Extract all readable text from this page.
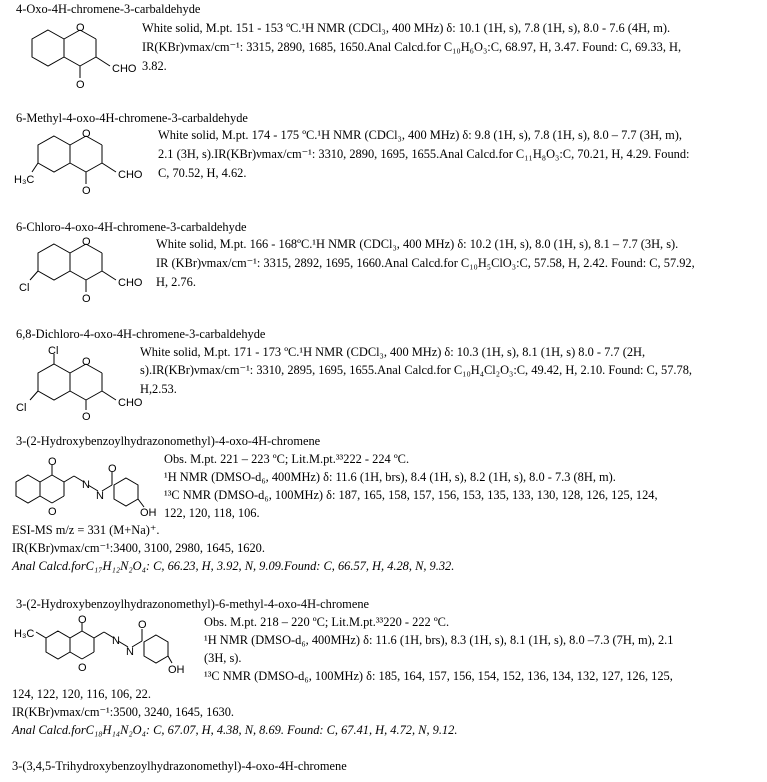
4-Oxo-4H-chromene-3-carbaldehyde
O
O
CHO
White solid, M.pt. 151 - 153 ºC.¹H NMR (CDCl₃, 400 MHz) δ: 10.1 (1H, s), 7.8 (1H, s), 8.0 - 7.6 (4H, m).
IR(KBr)νmax/cm⁻¹: 3315, 2890, 1685, 1650.Anal Calcd.for C₁₀H₆O₃:C, 68.97, H, 3.47. Found: C, 69.33, H,
3.82.
6-Methyl-4-oxo-4H-chromene-3-carbaldehyde
O
O
H₃C	CHO
White solid, M.pt. 174 - 175 ºC.¹H NMR (CDCl₃, 400 MHz) δ: 9.8 (1H, s), 7.8 (1H, s), 8.0 – 7.7 (3H, m),
2.1 (3H, s).IR(KBr)νmax/cm⁻¹: 3310, 2890, 1695, 1655.Anal Calcd.for C₁₁H₈O₃:C, 70.21, H, 4.29. Found:
C, 70.52, H, 4.62.
6-Chloro-4-oxo-4H-chromene-3-carbaldehyde
O
O
Cl	CHO
White solid, M.pt. 166 - 168ºC.¹H NMR (CDCl₃, 400 MHz) δ: 10.2 (1H, s), 8.0 (1H, s), 8.1 – 7.7 (3H, s).
IR (KBr)νmax/cm⁻¹: 3315, 2892, 1695, 1660.Anal Calcd.for C₁₀H₅ClO₃:C, 57.58, H, 2.42. Found: C, 57.92,
H, 2.76.
6,8-Dichloro-4-oxo-4H-chromene-3-carbaldehyde
O
O
Cl
Cl	CHO
White solid, M.pt. 171 - 173 ºC.¹H NMR (CDCl₃, 400 MHz) δ: 10.3 (1H, s), 8.1 (1H, s) 8.0 - 7.7 (2H,
s).IR(KBr)νmax/cm⁻¹: 3310, 2895, 1695, 1655.Anal Calcd.for C₁₀H₄Cl₂O₃:C, 49.42, H, 2.10. Found: C, 57.78,
H,2.53.
3-(2-Hydroxybenzoylhydrazonomethyl)-4-oxo-4H-chromene
O
O
N
N
O
OH
Obs. M.pt. 221 – 223 ºC; Lit.M.pt.³³222 - 224 ºC.
¹H NMR (DMSO-d₆, 400MHz) δ: 11.6 (1H, brs), 8.4 (1H, s), 8.2 (1H, s), 8.0 - 7.3 (8H, m).
¹³C NMR (DMSO-d₆, 100MHz) δ: 187, 165, 158, 157, 156, 153, 135, 133, 130, 128, 126, 125, 124,
122, 120, 118, 106.
ESI-MS m/z = 331 (M+Na)⁺.
IR(KBr)νmax/cm⁻¹:3400, 3100, 2980, 1645, 1620.
Anal Calcd.forC₁₇H₁₂N₂O₄: C, 66.23, H, 3.92, N, 9.09.Found: C, 66.57, H, 4.28, N, 9.32.
3-(2-Hydroxybenzoylhydrazonomethyl)-6-methyl-4-oxo-4H-chromene
H₃C
O
O
N
N
O
OH
Obs. M.pt. 218 – 220 ºC; Lit.M.pt.³³220 - 222 ºC.
¹H NMR (DMSO-d₆, 400MHz) δ: 11.6 (1H, brs), 8.3 (1H, s), 8.1 (1H, s), 8.0 –7.3 (7H, m), 2.1
(3H, s).
¹³C NMR (DMSO-d₆, 100MHz) δ: 185, 164, 157, 156, 154, 152, 136, 134, 132, 127, 126, 125,
124, 122, 120, 116, 106, 22.
IR(KBr)νmax/cm⁻¹:3500, 3240, 1645, 1630.
Anal Calcd.forC₁₈H₁₄N₂O₄: C, 67.07, H, 4.38, N, 8.69. Found: C, 67.41, H, 4.72, N, 9.12.
3-(3,4,5-Trihydroxybenzoylhydrazonomethyl)-4-oxo-4H-chromene
